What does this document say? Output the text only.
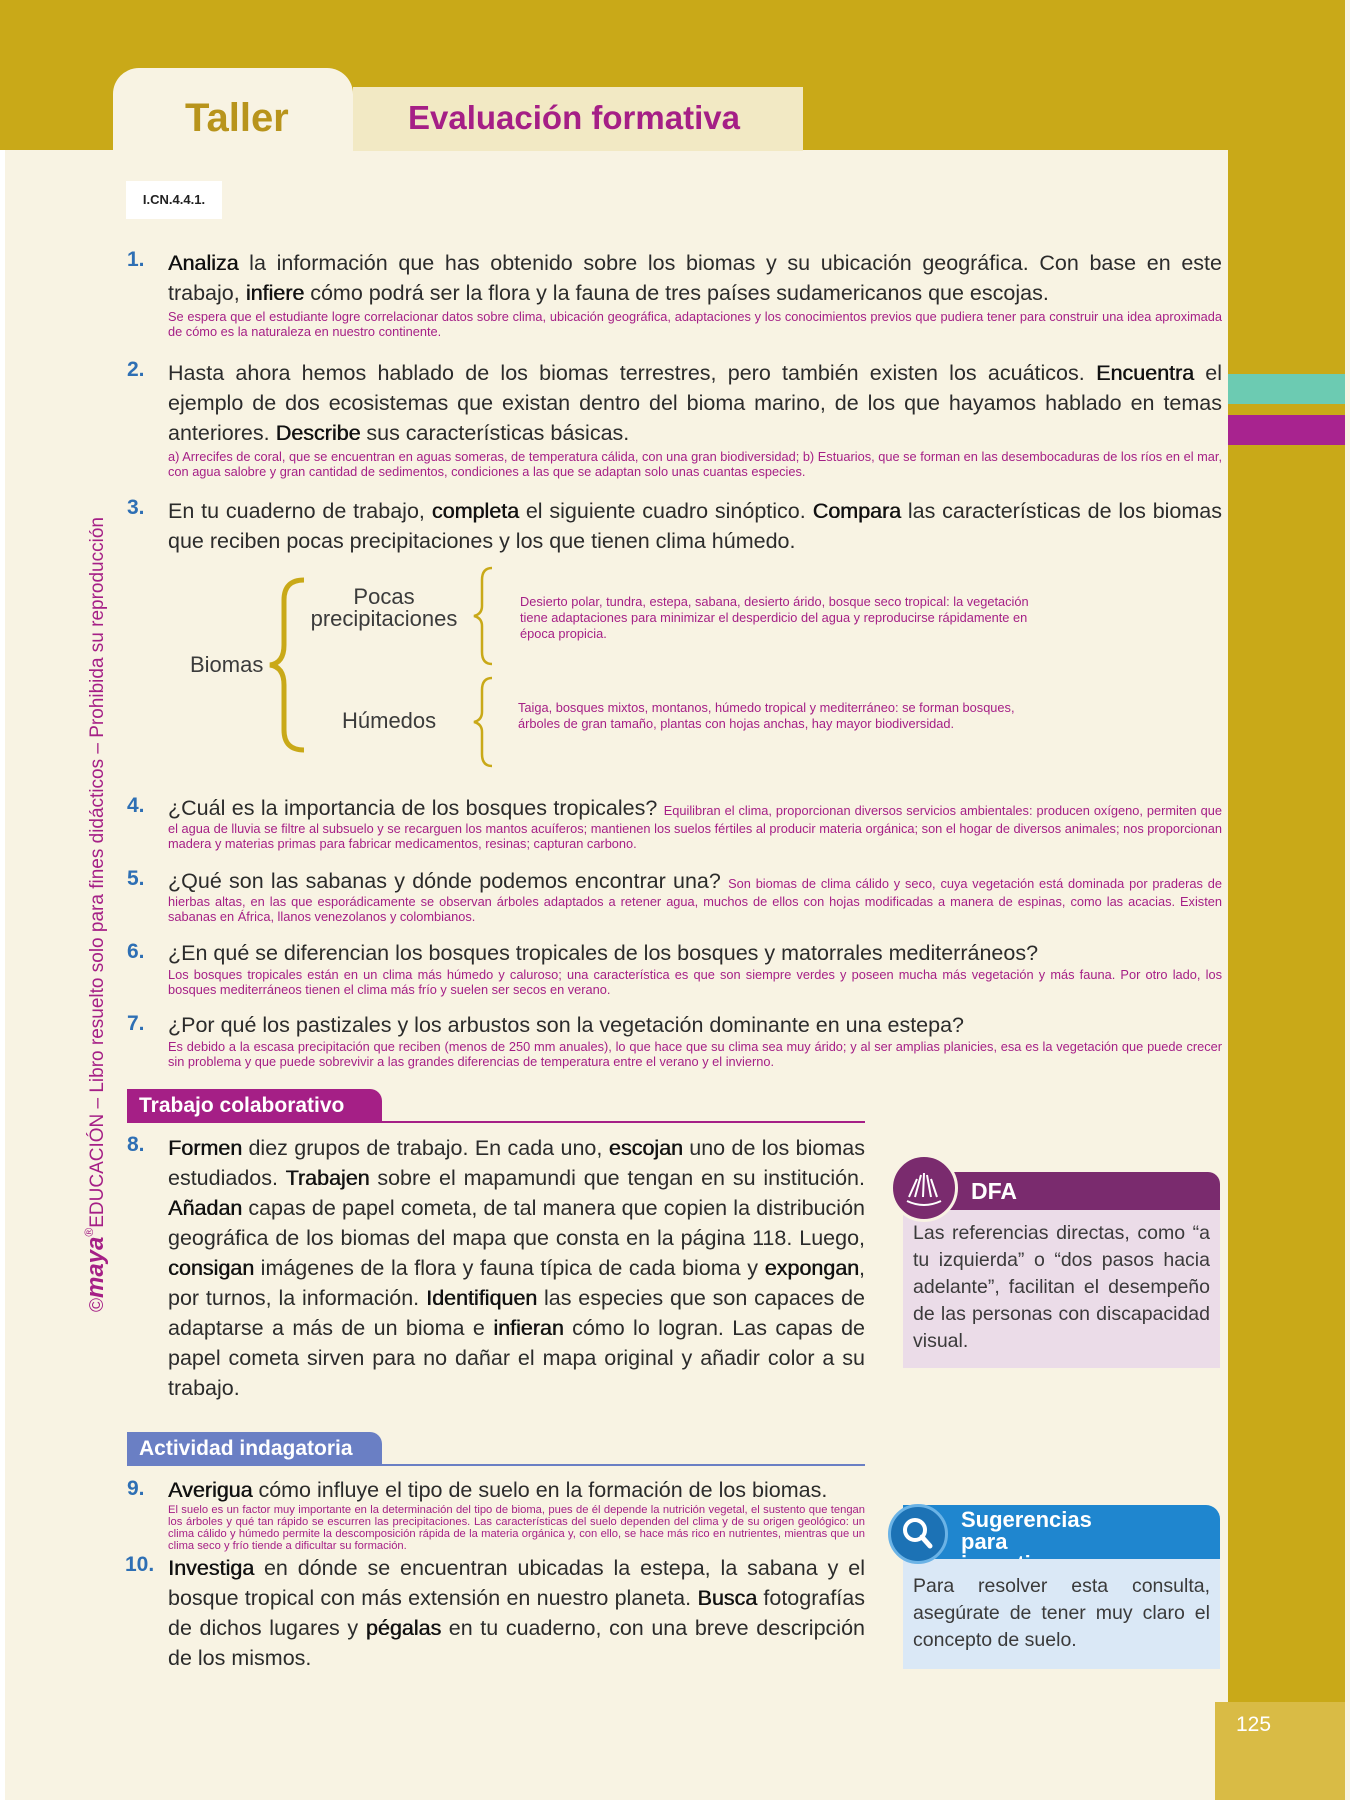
Taller	Evaluación formativa
I.CN.4.4.1.
©maya®EDUCACIÓN – Libro resuelto solo para fines didácticos – Prohibida su reproducción
1. Analiza la información que has obtenido sobre los biomas y su ubicación geográfica. Con base en este trabajo, infiere cómo podrá ser la flora y la fauna de tres países sudamericanos que escojas.
Se espera que el estudiante logre correlacionar datos sobre clima, ubicación geográfica, adaptaciones y los conocimientos previos que pudiera tener para construir una idea aproximada de cómo es la naturaleza en nuestro continente.
2. Hasta ahora hemos hablado de los biomas terrestres, pero también existen los acuáticos. Encuentra el ejemplo de dos ecosistemas que existan dentro del bioma marino, de los que hayamos hablado en temas anteriores. Describe sus características básicas.
a) Arrecifes de coral, que se encuentran en aguas someras, de temperatura cálida, con una gran biodiversidad; b) Estuarios, que se forman en las desembocaduras de los ríos en el mar, con agua salobre y gran cantidad de sedimentos, condiciones a las que se adaptan solo unas cuantas especies.
3. En tu cuaderno de trabajo, completa el siguiente cuadro sinóptico. Compara las características de los biomas que reciben pocas precipitaciones y los que tienen clima húmedo.
Biomas
Pocas precipitaciones
Húmedos
Desierto polar, tundra, estepa, sabana, desierto árido, bosque seco tropical: la vegetación tiene adaptaciones para minimizar el desperdicio del agua y reproducirse rápidamente en época propicia.
Taiga, bosques mixtos, montanos, húmedo tropical y mediterráneo: se forman bosques, árboles de gran tamaño, plantas con hojas anchas, hay mayor biodiversidad.
4. ¿Cuál es la importancia de los bosques tropicales? Equilibran el clima, proporcionan diversos servicios ambientales: producen oxígeno, permiten que el agua de lluvia se filtre al subsuelo y se recarguen los mantos acuíferos; mantienen los suelos fértiles al producir materia orgánica; son el hogar de diversos animales; nos proporcionan madera y materias primas para fabricar medicamentos, resinas; capturan carbono.
5. ¿Qué son las sabanas y dónde podemos encontrar una? Son biomas de clima cálido y seco, cuya vegetación está dominada por praderas de hierbas altas, en las que esporádicamente se observan árboles adaptados a retener agua, muchos de ellos con hojas modificadas a manera de espinas, como las acacias. Existen sabanas en África, llanos venezolanos y colombianos.
6. ¿En qué se diferencian los bosques tropicales de los bosques y matorrales mediterráneos?
Los bosques tropicales están en un clima más húmedo y caluroso; una característica es que son siempre verdes y poseen mucha más vegetación y más fauna. Por otro lado, los bosques mediterráneos tienen el clima más frío y suelen ser secos en verano.
7. ¿Por qué los pastizales y los arbustos son la vegetación dominante en una estepa?
Es debido a la escasa precipitación que reciben (menos de 250 mm anuales), lo que hace que su clima sea muy árido; y al ser amplias planicies, esa es la vegetación que puede crecer sin problema y que puede sobrevivir a las grandes diferencias de temperatura entre el verano y el invierno.
Trabajo colaborativo
8. Formen diez grupos de trabajo. En cada uno, escojan uno de los biomas estudiados. Trabajen sobre el mapamundi que tengan en su institución. Añadan capas de papel cometa, de tal manera que copien la distribución geográfica de los biomas del mapa que consta en la página 118. Luego, consigan imágenes de la flora y fauna típica de cada bioma y expongan, por turnos, la información. Identifiquen las especies que son capaces de adaptarse a más de un bioma e infieran cómo lo logran. Las capas de papel cometa sirven para no dañar el mapa original y añadir color a su trabajo.
DFA
Las referencias directas, como “a tu izquierda” o “dos pasos hacia adelante”, facilitan el desempeño de las personas con discapacidad visual.
Actividad indagatoria
9. Averigua cómo influye el tipo de suelo en la formación de los biomas.
El suelo es un factor muy importante en la determinación del tipo de bioma, pues de él depende la nutrición vegetal, el sustento que tengan los árboles y qué tan rápido se escurren las precipitaciones. Las características del suelo dependen del clima y de su origen geológico: un clima cálido y húmedo permite la descomposición rápida de la materia orgánica y, con ello, se hace más rico en nutrientes, mientras que un clima seco y frío tiende a dificultar su formación.
10. Investiga en dónde se encuentran ubicadas la estepa, la sabana y el bosque tropical con más extensión en nuestro planeta. Busca fotografías de dichos lugares y pégalas en tu cuaderno, con una breve descripción de los mismos.
Sugerencias

para
Para resolver esta consulta, asegúrate de tener muy claro el concepto de suelo.
125
